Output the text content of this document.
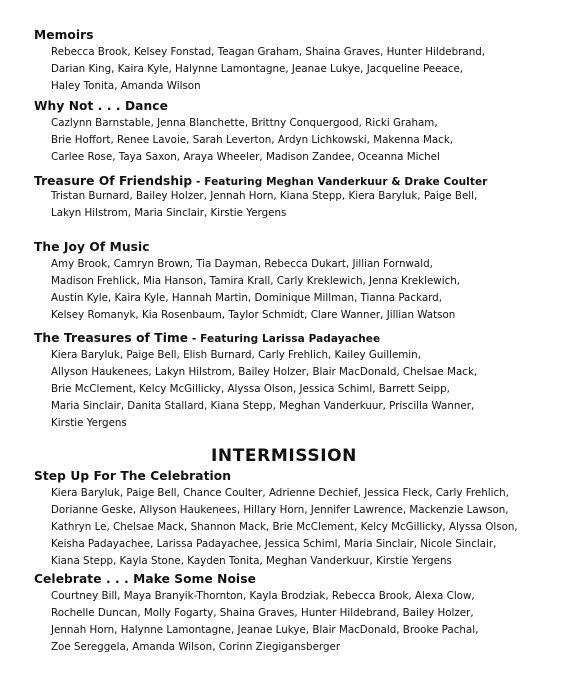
Memoirs
Rebecca Brook, Kelsey Fonstad, Teagan Graham, Shaina Graves, Hunter Hildebrand,
Darian King, Kaira Kyle, Halynne Lamontagne, Jeanae Lukye, Jacqueline Peeace,
Haley Tonita, Amanda Wilson
Why Not . . . Dance
Cazlynn Barnstable, Jenna Blanchette, Brittny Conquergood, Ricki Graham,
Brie Hoffort, Renee Lavoie, Sarah Leverton, Ardyn Lichkowski, Makenna Mack,
Carlee Rose, Taya Saxon, Araya Wheeler, Madison Zandee, Oceanna Michel
Treasure Of Friendship - Featuring Meghan Vanderkuur & Drake Coulter
Tristan Burnard, Bailey Holzer, Jennah Horn, Kiana Stepp, Kiera Baryluk, Paige Bell,
Lakyn Hilstrom, Maria Sinclair, Kirstie Yergens
The Joy Of Music
Amy Brook, Camryn Brown, Tia Dayman, Rebecca Dukart, Jillian Fornwald,
Madison Frehlick, Mia Hanson, Tamira Krall, Carly Kreklewich, Jenna Kreklewich,
Austin Kyle, Kaira Kyle, Hannah Martin, Dominique Millman, Tianna Packard,
Kelsey Romanyk, Kia Rosenbaum, Taylor Schmidt, Clare Wanner, Jillian Watson
The Treasures of Time - Featuring Larissa Padayachee
Kiera Baryluk, Paige Bell, Elish Burnard, Carly Frehlich, Kailey Guillemin,
Allyson Haukenees, Lakyn Hilstrom, Bailey Holzer, Blair MacDonald, Chelsae Mack,
Brie McClement, Kelcy McGillicky, Alyssa Olson, Jessica Schiml, Barrett Seipp,
Maria Sinclair, Danita Stallard, Kiana Stepp, Meghan Vanderkuur, Priscilla Wanner,
Kirstie Yergens
INTERMISSION
Step Up For The Celebration
Kiera Baryluk, Paige Bell, Chance Coulter, Adrienne Dechief, Jessica Fleck, Carly Frehlich,
Dorianne Geske, Allyson Haukenees, Hillary Horn, Jennifer Lawrence, Mackenzie Lawson,
Kathryn Le, Chelsae Mack, Shannon Mack, Brie McClement, Kelcy McGillicky, Alyssa Olson,
Keisha Padayachee, Larissa Padayachee, Jessica Schiml, Maria Sinclair, Nicole Sinclair,
Kiana Stepp, Kayla Stone, Kayden Tonita, Meghan Vanderkuur, Kirstie Yergens
Celebrate . . . Make Some Noise
Courtney Bill, Maya Branyik-Thornton, Kayla Brodziak, Rebecca Brook, Alexa Clow,
Rochelle Duncan, Molly Fogarty, Shaina Graves, Hunter Hildebrand, Bailey Holzer,
Jennah Horn, Halynne Lamontagne, Jeanae Lukye, Blair MacDonald, Brooke Pachal,
Zoe Sereggela, Amanda Wilson, Corinn Ziegigansberger
